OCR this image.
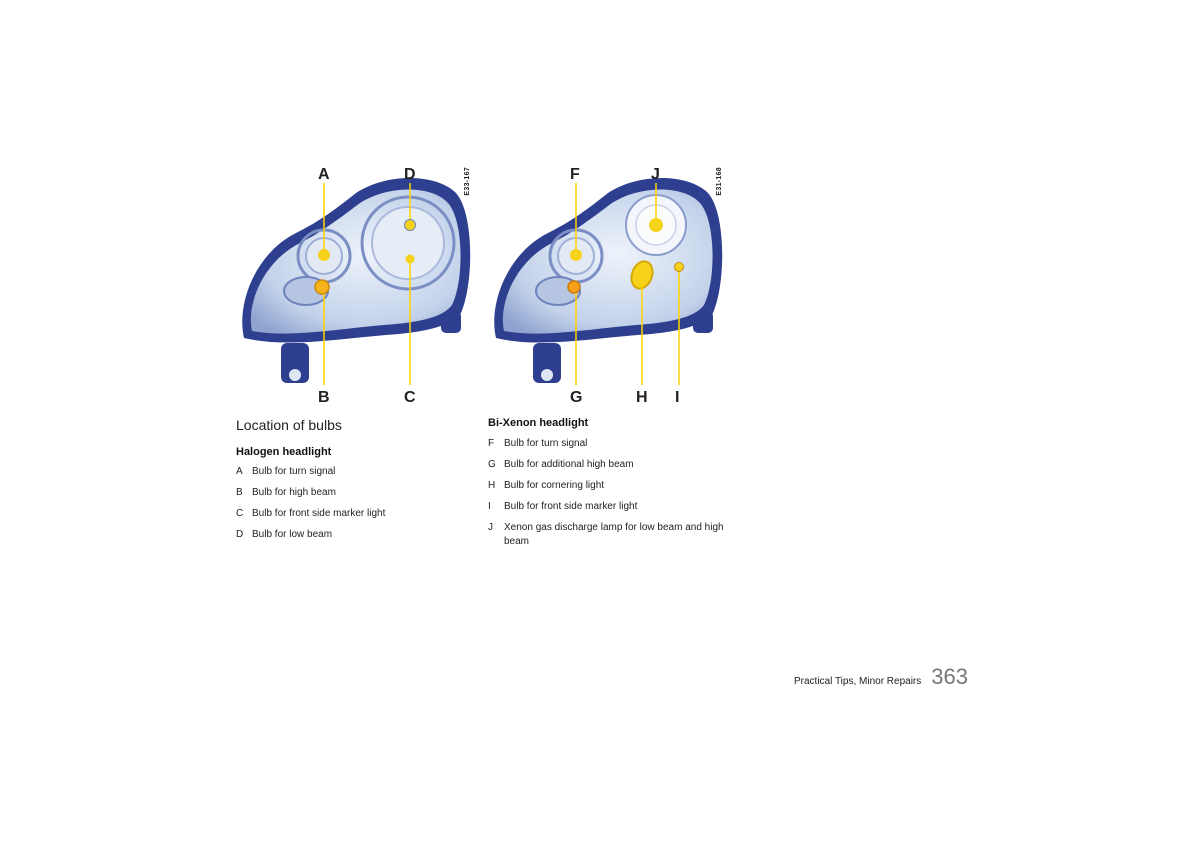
A
B	C
D	E33-167	F
G	H I
J	E31-168
Location of bulbs
Halogen headlight
A Bulb for turn signal
B Bulb for high beam
C Bulb for front side marker light
D Bulb for low beam
Bi-Xenon headlight
F Bulb for turn signal
G Bulb for additional high beam
H Bulb for cornering light
I	Bulb for front side marker light
J	Xenon gas discharge lamp for low beam and high beam
Practical Tips, Minor Repairs 363
